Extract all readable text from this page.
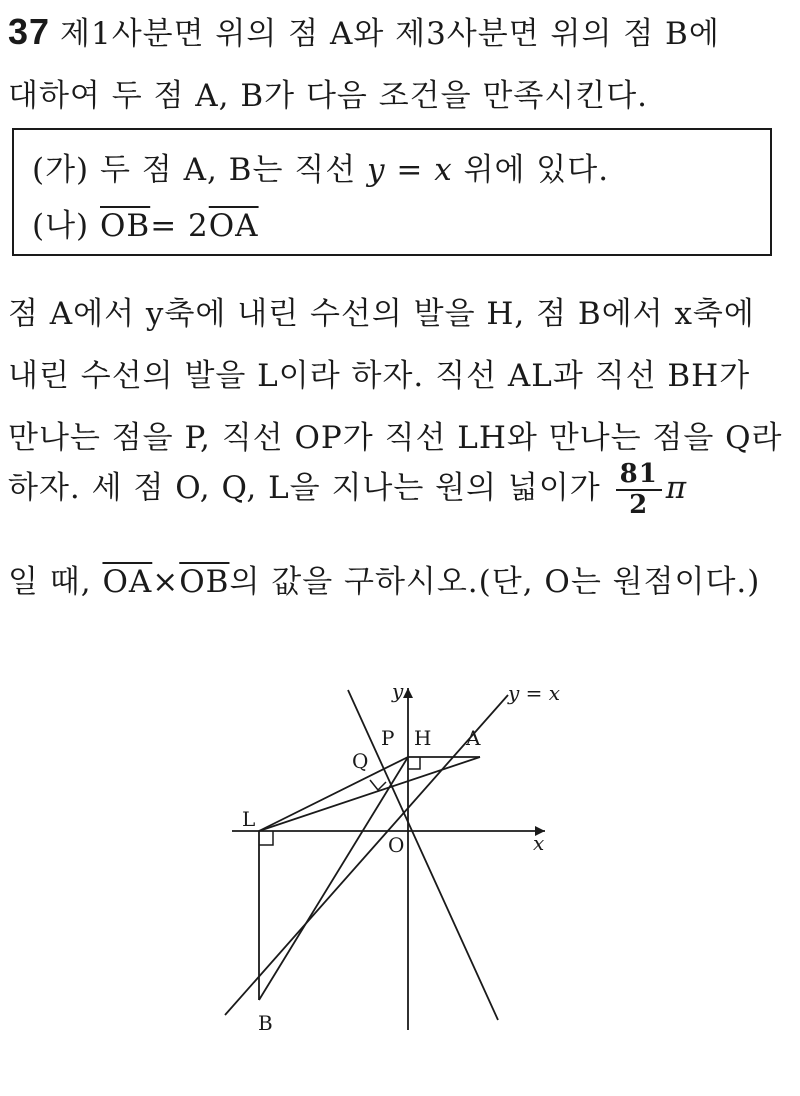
37 제1사분면 위의 점 A와 제3사분면 위의 점 B에
대하여 두 점 A, B가 다음 조건을 만족시킨다.
(가) 두 점 A, B는 직선 y = x 위에 있다.
(나) $\overline{OB}= 2\overline{OA}$
점 A에서 y축에 내린 수선의 발을 H, 점 B에서 x축에
내린 수선의 발을 L이라 하자. 직선 AL과 직선 BH가
만나는 점을 P, 직선 OP가 직선 LH와 만나는 점을 Q라
하자. 세 점 O, Q, L을 지나는 원의 넓이가 $\frac{81}{2}$ π
일 때, $\overline{OA}\times\overline{OB}$의 값을 구하시오.(단, O는 원점이다.)
y
x
y = x
P H A
Q
L
O
B
